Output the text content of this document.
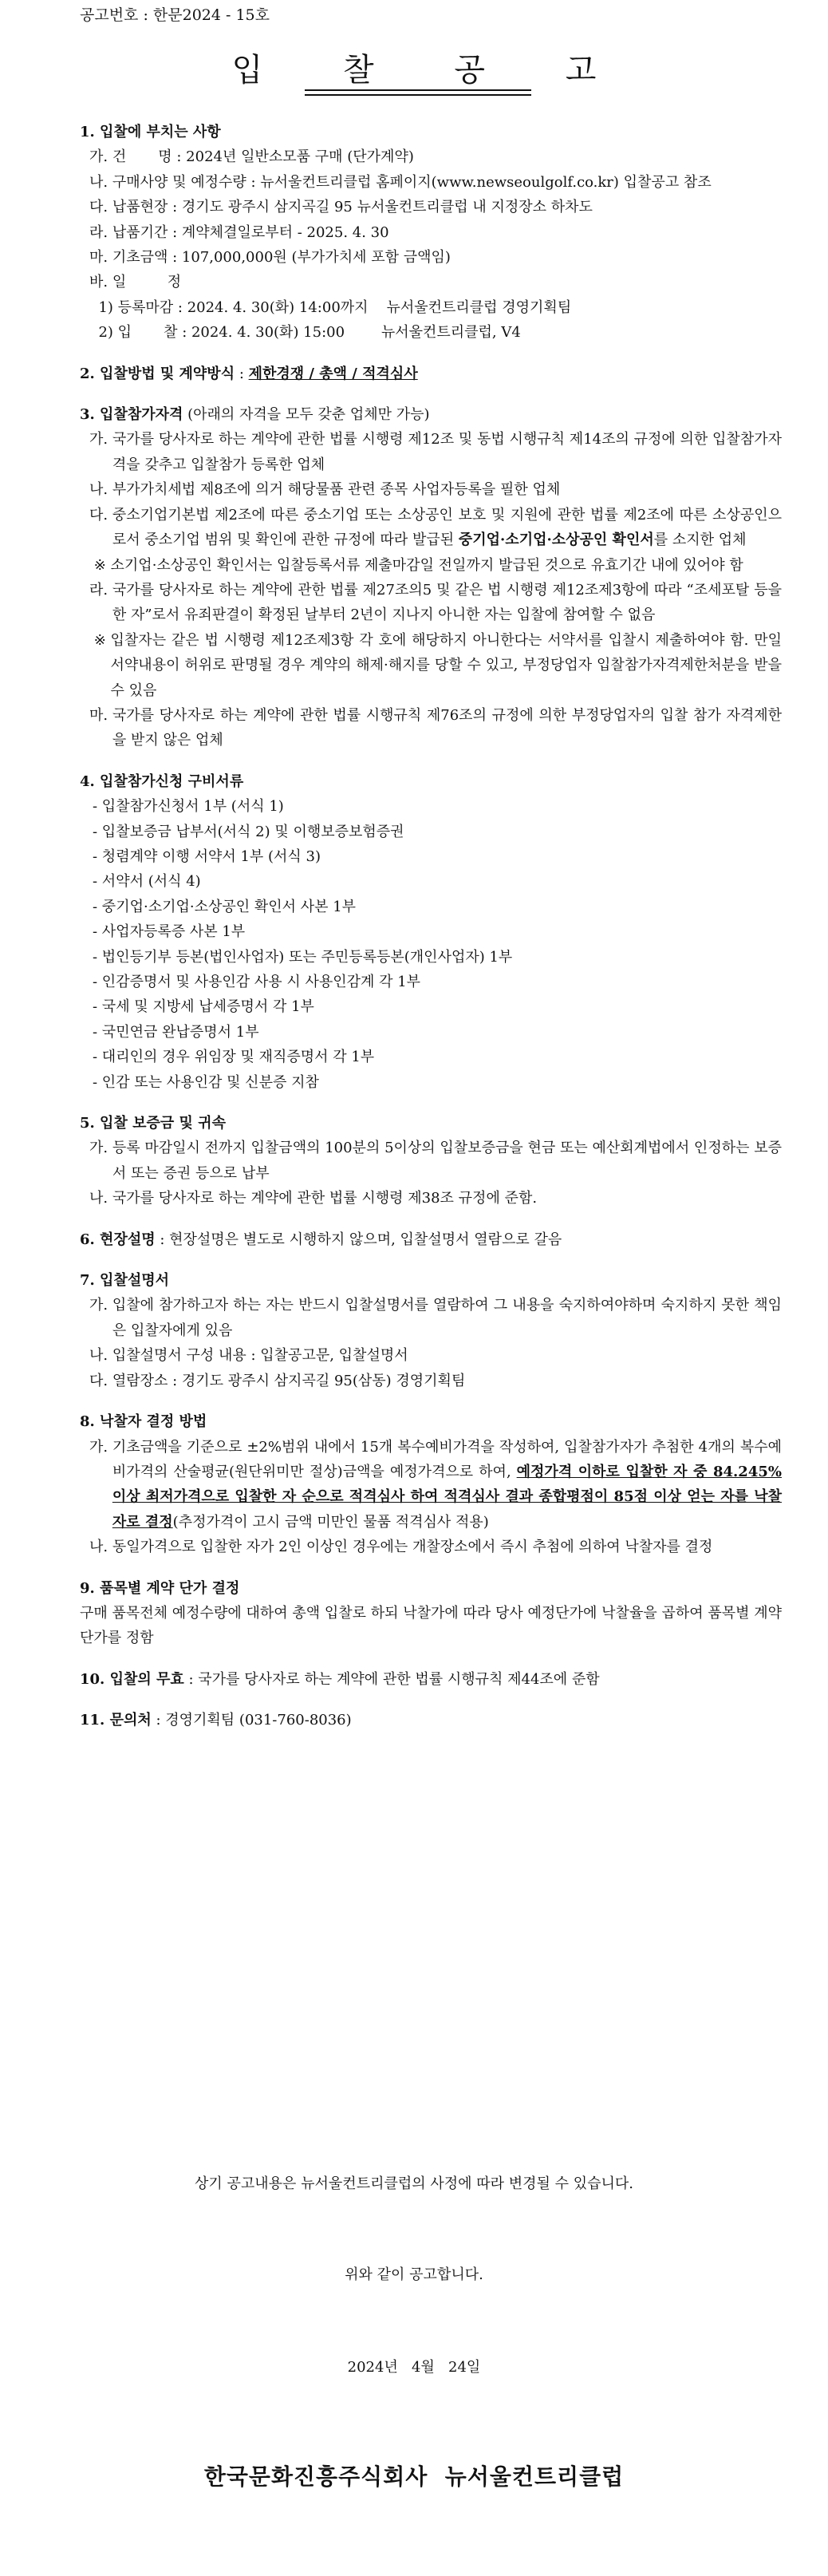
공고번호 : 한문2024 - 15호
입 찰 공 고
1. 입찰에 부치는 사항
가. 건       명 : 2024년 일반소모품 구매 (단가계약)
나. 구매사양 및 예정수량 : 뉴서울컨트리클럽 홈페이지(www.newseoulgolf.co.kr) 입찰공고 참조
다. 납품현장 : 경기도 광주시 삼지곡길 95 뉴서울컨트리클럽 내 지정장소 하차도
라. 납품기간 : 계약체결일로부터 - 2025. 4. 30
마. 기초금액 : 107,000,000원 (부가가치세 포함 금액임)
바. 일         정
1) 등록마감 : 2024. 4. 30(화) 14:00까지    뉴서울컨트리클럽 경영기획팀
2) 입       찰 : 2024. 4. 30(화) 15:00        뉴서울컨트리클럽, V4
2. 입찰방법 및 계약방식 : 제한경쟁 / 총액 / 적격심사
3. 입찰참가자격 (아래의 자격을 모두 갖춘 업체만 가능)
가. 국가를 당사자로 하는 계약에 관한 법률 시행령 제12조 및 동법 시행규칙 제14조의 규정에 의한 입찰참가자격을 갖추고 입찰참가 등록한 업체
나. 부가가치세법 제8조에 의거 해당물품 관련 종목 사업자등록을 필한 업체
다. 중소기업기본법 제2조에 따른 중소기업 또는 소상공인 보호 및 지원에 관한 법률 제2조에 따른 소상공인으로서 중소기업 범위 및 확인에 관한 규정에 따라 발급된 중기업·소기업·소상공인 확인서를 소지한 업체
※ 소기업·소상공인 확인서는 입찰등록서류 제출마감일 전일까지 발급된 것으로 유효기간 내에 있어야 함
라. 국가를 당사자로 하는 계약에 관한 법률 제27조의5 및 같은 법 시행령 제12조제3항에 따라 “조세포탈 등을 한 자”로서 유죄판결이 확정된 날부터 2년이 지나지 아니한 자는 입찰에 참여할 수 없음
※ 입찰자는 같은 법 시행령 제12조제3항 각 호에 해당하지 아니한다는 서약서를 입찰시 제출하여야 함. 만일 서약내용이 허위로 판명될 경우 계약의 해제·해지를 당할 수 있고, 부정당업자 입찰참가자격제한처분을 받을 수 있음
마. 국가를 당사자로 하는 계약에 관한 법률 시행규칙 제76조의 규정에 의한 부정당업자의 입찰 참가 자격제한을 받지 않은 업체
4. 입찰참가신청 구비서류
- 입찰참가신청서 1부 (서식 1)
- 입찰보증금 납부서(서식 2) 및 이행보증보험증권
- 청렴계약 이행 서약서 1부 (서식 3)
- 서약서 (서식 4)
- 중기업·소기업·소상공인 확인서 사본 1부
- 사업자등록증 사본 1부
- 법인등기부 등본(법인사업자) 또는 주민등록등본(개인사업자) 1부
- 인감증명서 및 사용인감 사용 시 사용인감계 각 1부
- 국세 및 지방세 납세증명서 각 1부
- 국민연금 완납증명서 1부
- 대리인의 경우 위임장 및 재직증명서 각 1부
- 인감 또는 사용인감 및 신분증 지참
5. 입찰 보증금 및 귀속
가. 등록 마감일시 전까지 입찰금액의 100분의 5이상의 입찰보증금을 현금 또는 예산회계법에서 인정하는 보증서 또는 증권 등으로 납부
나. 국가를 당사자로 하는 계약에 관한 법률 시행령 제38조 규정에 준함.
6. 현장설명 : 현장설명은 별도로 시행하지 않으며, 입찰설명서 열람으로 갈음
7. 입찰설명서
가. 입찰에 참가하고자 하는 자는 반드시 입찰설명서를 열람하여 그 내용을 숙지하여야하며 숙지하지 못한 책임은 입찰자에게 있음
나. 입찰설명서 구성 내용 : 입찰공고문, 입찰설명서
다. 열람장소 : 경기도 광주시 삼지곡길 95(삼동) 경영기획팀
8. 낙찰자 결정 방법
가. 기초금액을 기준으로 ±2%범위 내에서 15개 복수예비가격을 작성하여, 입찰참가자가 추첨한 4개의 복수예비가격의 산술평균(원단위미만 절상)금액을 예정가격으로 하여, 예정가격 이하로 입찰한 자 중 84.245%이상 최저가격으로 입찰한 자 순으로 적격심사 하여 적격심사 결과 종합평점이 85점 이상 얻는 자를 낙찰자로 결정(추정가격이 고시 금액 미만인 물품 적격심사 적용)
나. 동일가격으로 입찰한 자가 2인 이상인 경우에는 개찰장소에서 즉시 추첨에 의하여 낙찰자를 결정
9. 품목별 계약 단가 결정
구매 품목전체 예정수량에 대하여 총액 입찰로 하되 낙찰가에 따라 당사 예정단가에 낙찰율을 곱하여 품목별 계약 단가를 정함
10. 입찰의 무효 : 국가를 당사자로 하는 계약에 관한 법률 시행규칙 제44조에 준함
11. 문의처 : 경영기획팀 (031-760-8036)
상기 공고내용은 뉴서울컨트리클럽의 사정에 따라 변경될 수 있습니다.
위와 같이 공고합니다.
2024년   4월   24일
한국문화진흥주식회사  뉴서울컨트리클럽
